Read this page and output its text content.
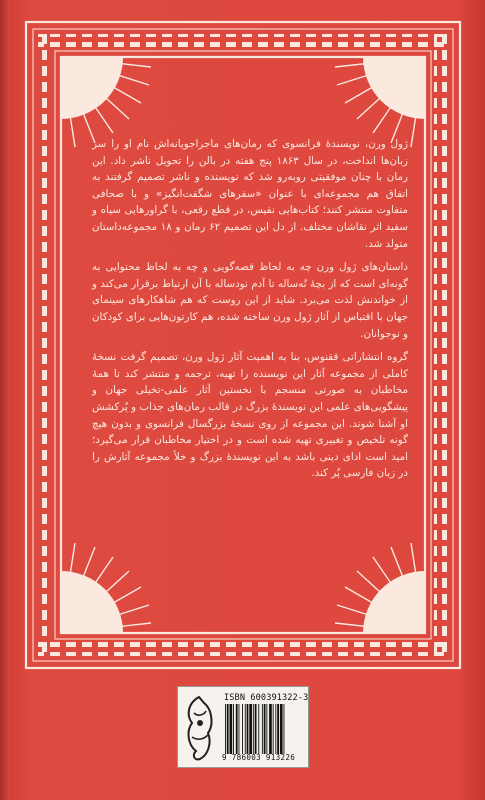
ژول ورن، نویسندهٔ فرانسوی که رمان‌های ماجراجویانه‌اش نام او را سر زبان‌ها انداخت، در سال ۱۸۶۳ پنج هفته در بالن را تحویل ناشر داد. این رمان با چنان موفقیتی روبه‌رو شد که نویسنده و ناشر تصمیم گرفتند به اتفاق هم مجموعه‌ای با عنوان «سفرهای شگفت‌انگیز» و با صحافی متفاوت منتشر کنند؛ کتاب‌هایی نفیس، در قطع رقعی، با گراورهایی سیاه و سفید اثر نقاشان مختلف. از دل این تصمیم ۶۲ رمان و ۱۸ مجموعه‌داستان متولد شد.

داستان‌های ژول ورن چه به لحاظ قصه‌گویی و چه به لحاظ محتوایی به گونه‌ای است که از بچهٔ نُه‌ساله تا آدم نودساله با آن ارتباط برقرار می‌کند و از خواندنش لذت می‌برد. شاید از این روست که هم شاهکارهای سینمای جهان با اقتباس از آثار ژول ورن ساخته شده، هم کارتون‌هایی برای کودکان و نوجوانان.

گروه انتشاراتی ققنوس، بنا به اهمیت آثار ژول ورن، تصمیم گرفت نسخهٔ کاملی از مجموعه آثار این نویسنده را تهیه، ترجمه و منتشر کند تا همهٔ مخاطبان به صورتی منسجم با نخستین آثار علمی-تخیلی جهان و پیشگویی‌های علمی این نویسندهٔ بزرگ در قالب رمان‌های جذاب و پُرکشش او آشنا شوند. این مجموعه از روی نسخهٔ بزرگسال فرانسوی و بدون هیچ گونه تلخیص و تغییری تهیه شده است و در اختیار مخاطبان قرار می‌گیرد؛ امید است ادای دینی باشد به این نویسندهٔ بزرگ و خلأ مجموعه آثارش را در زبان فارسی پُر کند.

ISBN 600391322-3
9 786003 913226
